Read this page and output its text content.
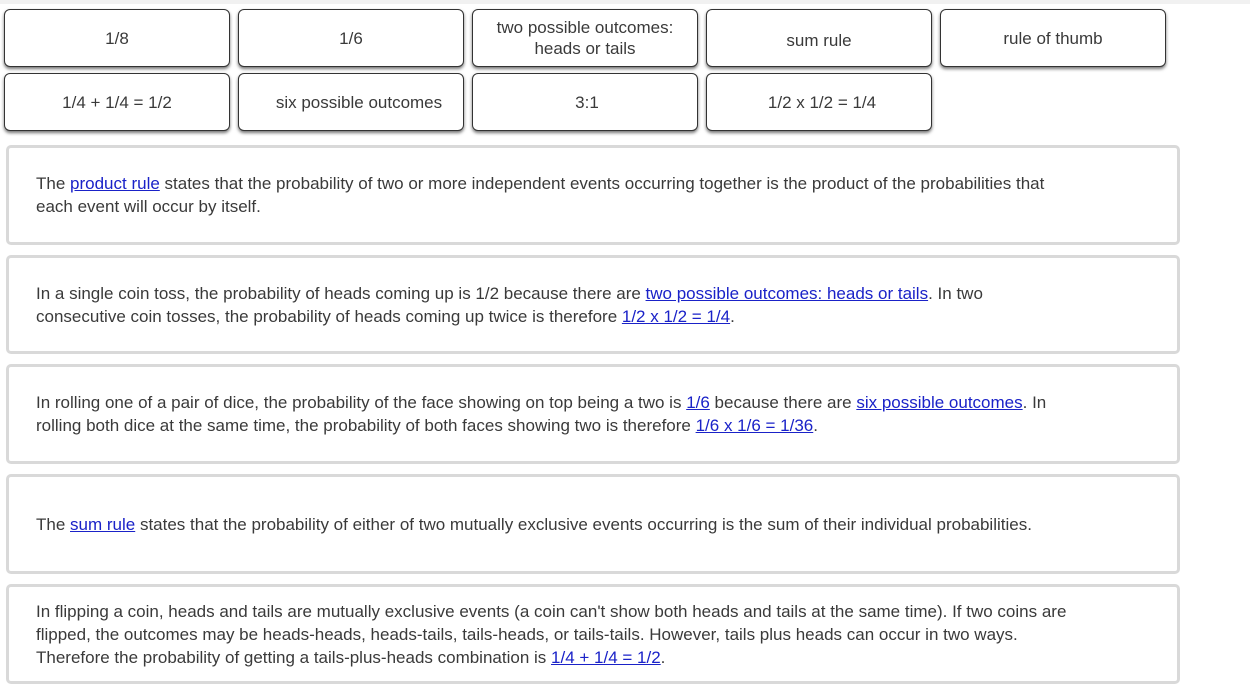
1/8	1/6
two possible outcomes: heads or tails	sum rule	rule of thumb
1/4 + 1/4 = 1/2	six possible outcomes	3:1	1/2 x 1/2 = 1/4

The product rule states that the probability of two or more independent events occurring together is the product of the probabilities that each event will occur by itself.

In a single coin toss, the probability of heads coming up is 1/2 because there are two possible outcomes: heads or tails. In two consecutive coin tosses, the probability of heads coming up twice is therefore 1/2 x 1/2 = 1/4.

In rolling one of a pair of dice, the probability of the face showing on top being a two is 1/6 because there are six possible outcomes. In rolling both dice at the same time, the probability of both faces showing two is therefore 1/6 x 1/6 = 1/36.

The sum rule states that the probability of either of two mutually exclusive events occurring is the sum of their individual probabilities.

In flipping a coin, heads and tails are mutually exclusive events (a coin can't show both heads and tails at the same time). If two coins are flipped, the outcomes may be heads-heads, heads-tails, tails-heads, or tails-tails. However, tails plus heads can occur in two ways. Therefore the probability of getting a tails-plus-heads combination is 1/4 + 1/4 = 1/2.
